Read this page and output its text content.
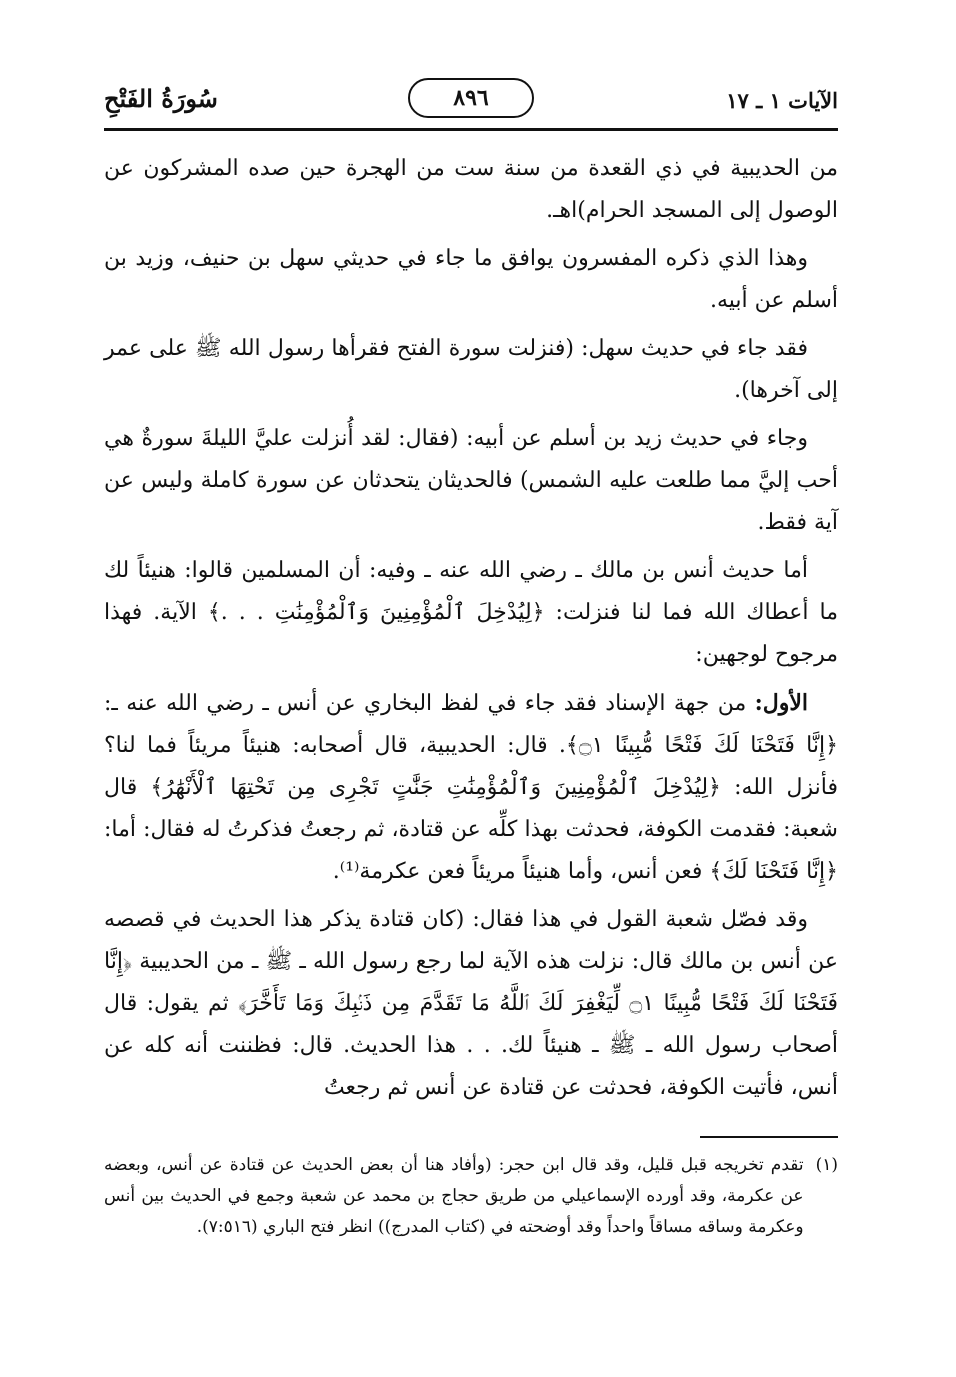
سُورَةُ الفَتْحِ	٨٩٦	الآيات ١ ـ ١٧

من الحديبية في ذي القعدة من سنة ست من الهجرة حين صده المشركون عن الوصول إلى المسجد الحرام)اهـ.

وهذا الذي ذكره المفسرون يوافق ما جاء في حديثي سهل بن حنيف، وزيد بن أسلم عن أبيه.

فقد جاء في حديث سهل: (فنزلت سورة الفتح فقرأها رسول الله ﷺ على عمر إلى آخرها).

وجاء في حديث زيد بن أسلم عن أبيه: (فقال: لقد أُنزلت عليَّ الليلةَ سورةٌ هي أحب إليَّ مما طلعت عليه الشمس) فالحديثان يتحدثان عن سورة كاملة وليس عن آية فقط.

أما حديث أنس بن مالك ـ رضي الله عنه ـ وفيه: أن المسلمين قالوا: هنيئاً لك ما أعطاك الله فما لنا فنزلت: ﴿لِيُدْخِلَ ٱلْمُؤْمِنِينَ وَٱلْمُؤْمِنَٰتِ . . .﴾ الآية. فهذا مرجوح لوجهين:

الأول: من جهة الإسناد فقد جاء في لفظ البخاري عن أنس ـ رضي الله عنه ـ: ﴿إِنَّا فَتَحْنَا لَكَ فَتْحًا مُّبِينًا ۝١﴾. قال: الحديبية، قال أصحابه: هنيئاً مريئاً فما لنا؟ فأنزل الله: ﴿لِيُدْخِلَ ٱلْمُؤْمِنِينَ وَٱلْمُؤْمِنَٰتِ جَنَّٰتٍ تَجْرِى مِن تَحْتِهَا ٱلْأَنْهَٰرُ﴾ قال شعبة: فقدمت الكوفة، فحدثت بهذا كلِّه عن قتادة، ثم رجعتُ فذكرتُ له فقال: أما: ﴿إِنَّا فَتَحْنَا لَكَ﴾ فعن أنس، وأما هنيئاً مريئاً فعن عكرمة⁽¹⁾.

وقد فصّل شعبة القول في هذا فقال: (كان قتادة يذكر هذا الحديث في قصصه عن أنس بن مالك قال: نزلت هذه الآية لما رجع رسول الله ـ ﷺ ـ من الحديبية ﴿إِنَّا فَتَحْنَا لَكَ فَتْحًا مُّبِينًا ۝١ لِّيَغْفِرَ لَكَ ٱللَّهُ مَا تَقَدَّمَ مِن ذَنۢبِكَ وَمَا تَأَخَّرَ﴾ ثم يقول: قال أصحاب رسول الله ـ ﷺ ـ هنيئاً لك. . . هذا الحديث. قال: فظننت أنه كله عن أنس، فأتيت الكوفة، فحدثت عن قتادة عن أنس ثم رجعتُ

(١)
تقدم تخريجه قبل قليل، وقد قال ابن حجر: (وأفاد هنا أن بعض الحديث عن قتادة عن أنس، وبعضه عن عكرمة، وقد أورده الإسماعيلي من طريق حجاج بن محمد عن شعبة وجمع في الحديث بين أنس وعكرمة وساقه مساقاً واحداً وقد أوضحته في (كتاب المدرج)) انظر فتح الباري (٧:٥١٦).
